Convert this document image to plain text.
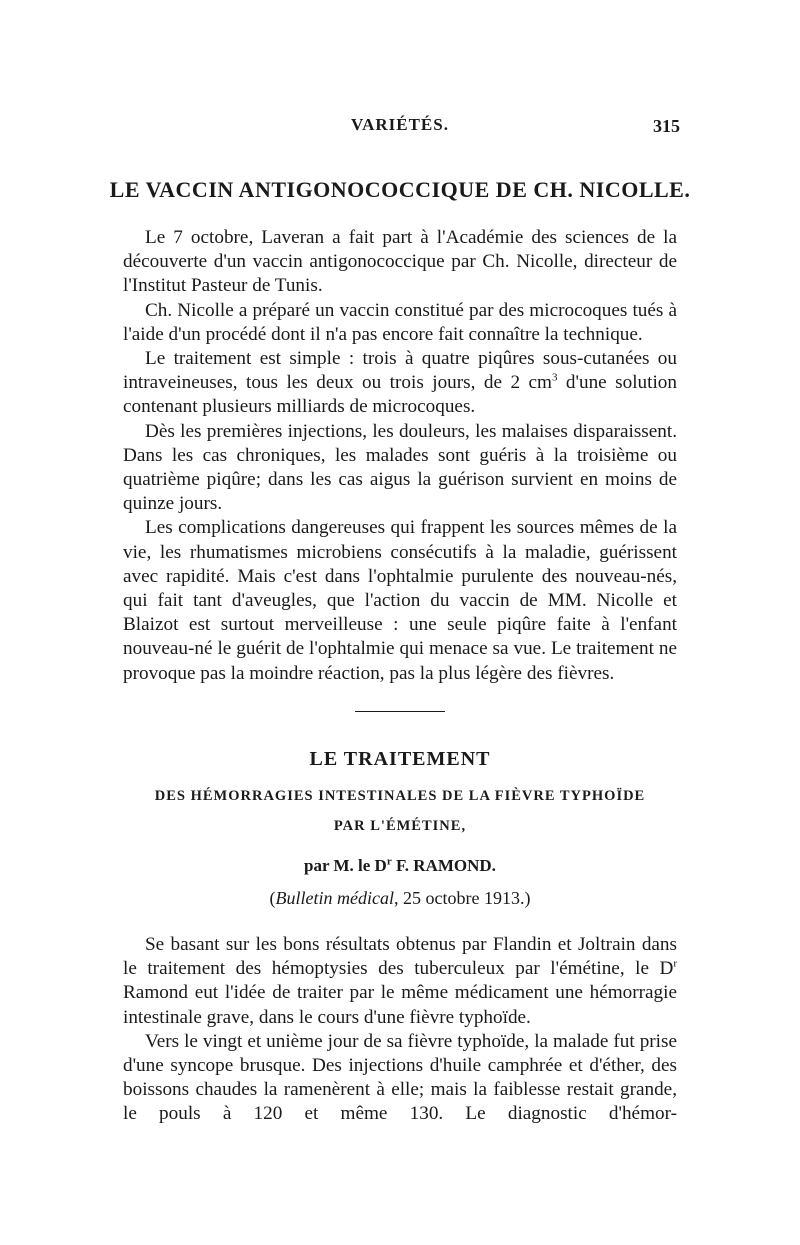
VARIÉTÉS.	315
LE VACCIN ANTIGONOCOCCIQUE DE CH. NICOLLE.

Le 7 octobre, Laveran a fait part à l'Académie des sciences de la découverte d'un vaccin antigonococcique par Ch. Nicolle, directeur de l'Institut Pasteur de Tunis.

Ch. Nicolle a préparé un vaccin constitué par des microcoques tués à l'aide d'un procédé dont il n'a pas encore fait connaître la technique.

Le traitement est simple : trois à quatre piqûres sous-cutanées ou intraveineuses, tous les deux ou trois jours, de 2 $cm^3$ d'une solution contenant plusieurs milliards de microcoques.

Dès les premières injections, les douleurs, les malaises disparaissent. Dans les cas chroniques, les malades sont guéris à la troisième ou quatrième piqûre; dans les cas aigus la guérison survient en moins de quinze jours.

Les complications dangereuses qui frappent les sources mêmes de la vie, les rhumatismes microbiens consécutifs à la maladie, guérissent avec rapidité. Mais c'est dans l'ophtalmie purulente des nouveau-nés, qui fait tant d'aveugles, que l'action du vaccin de MM. Nicolle et Blaizot est surtout merveilleuse : une seule piqûre faite à l'enfant nouveau-né le guérit de l'ophtalmie qui menace sa vue. Le traitement ne provoque pas la moindre réaction, pas la plus légère des fièvres.

LE TRAITEMENT
DES HÉMORRAGIES INTESTINALES DE LA FIÈVRE TYPHOÏDE
PAR L'ÉMÉTINE,
par M. le $D^r$ F. RAMOND.
(Bulletin médical, 25 octobre 1913.)

Se basant sur les bons résultats obtenus par Flandin et Joltrain dans le traitement des hémoptysies des tuberculeux par l'émétine, le $D^r$ Ramond eut l'idée de traiter par le même médicament une hémorragie intestinale grave, dans le cours d'une fièvre typhoïde.

Vers le vingt et unième jour de sa fièvre typhoïde, la malade fut prise d'une syncope brusque. Des injections d'huile camphrée et d'éther, des boissons chaudes la ramenèrent à elle; mais la faiblesse restait grande, le pouls à 120 et même 130. Le diagnostic d'hémor-
